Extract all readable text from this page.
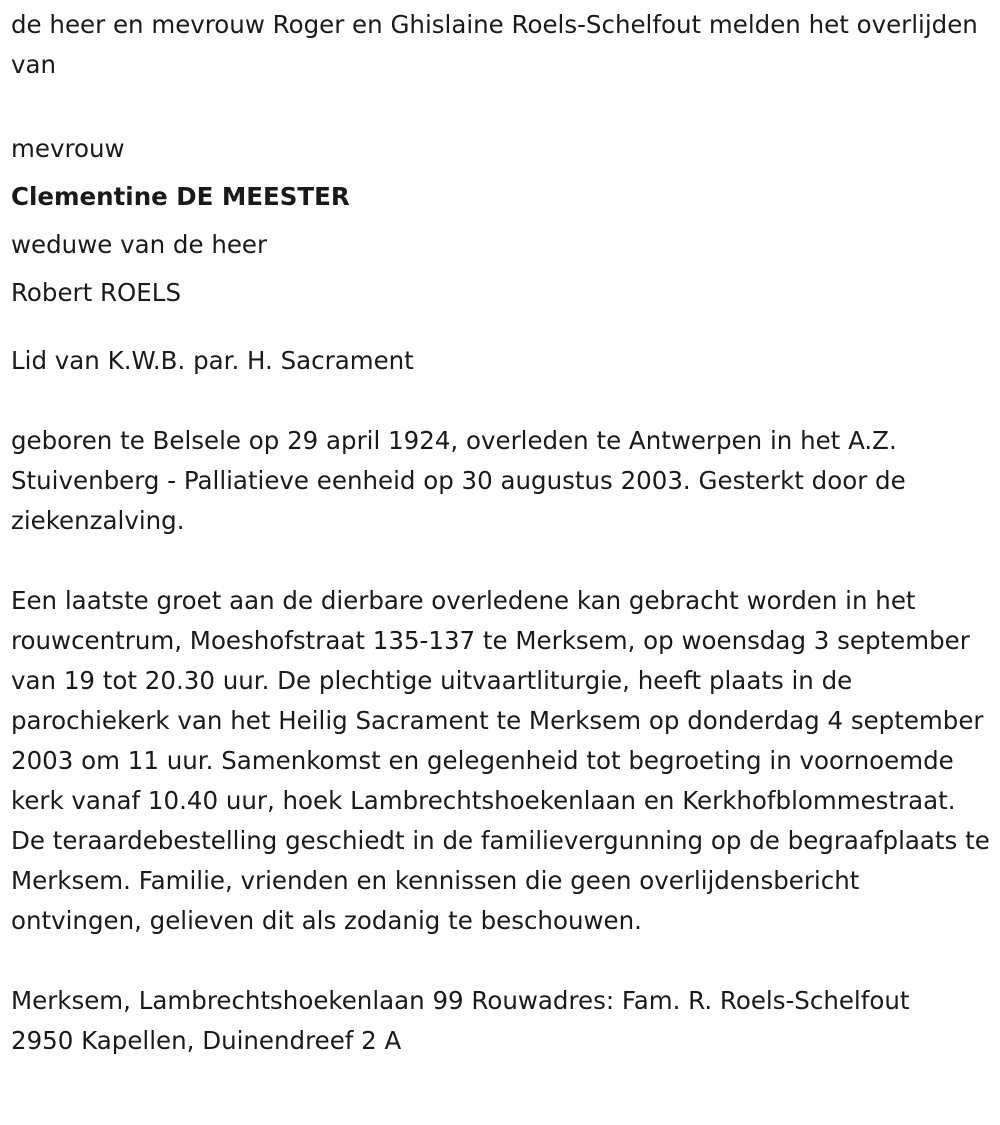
de heer en mevrouw Roger en Ghislaine Roels-Schelfout melden het overlijden van

mevrouw

Clementine DE MEESTER

weduwe van de heer

Robert ROELS

Lid van K.W.B. par. H. Sacrament

geboren te Belsele op 29 april 1924, overleden te Antwerpen in het A.Z. Stuivenberg - Palliatieve eenheid op 30 augustus 2003. Gesterkt door de ziekenzalving.

Een laatste groet aan de dierbare overledene kan gebracht worden in het rouwcentrum, Moeshofstraat 135-137 te Merksem, op woensdag 3 september van 19 tot 20.30 uur. De plechtige uitvaartliturgie, heeft plaats in de parochiekerk van het Heilig Sacrament te Merksem op donderdag 4 september 2003 om 11 uur. Samenkomst en gelegenheid tot begroeting in voornoemde kerk vanaf 10.40 uur, hoek Lambrechtshoekenlaan en Kerkhofblommestraat. De teraardebestelling geschiedt in de familievergunning op de begraafplaats te Merksem. Familie, vrienden en kennissen die geen overlijdensbericht ontvingen, gelieven dit als zodanig te beschouwen.

Merksem, Lambrechtshoekenlaan 99 Rouwadres: Fam. R. Roels-Schelfout

2950 Kapellen, Duinendreef 2 A
